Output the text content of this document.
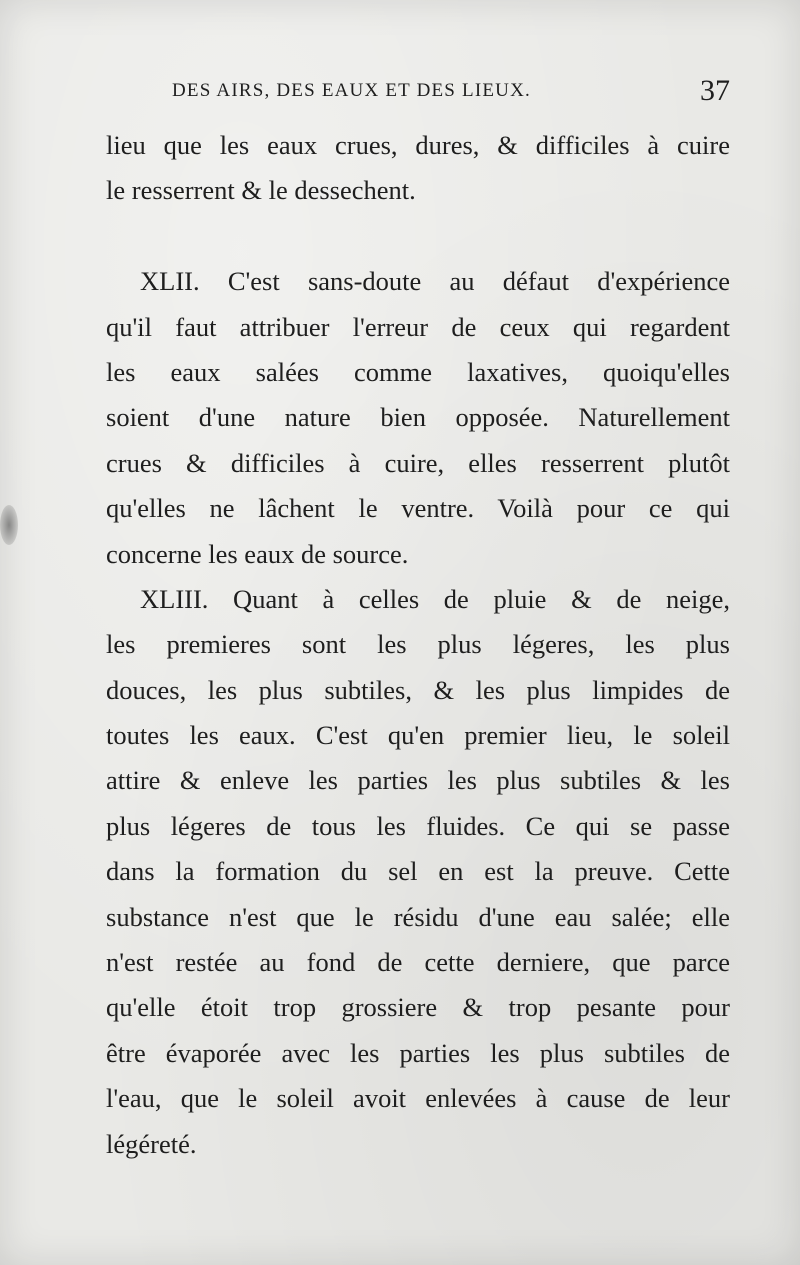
DES AIRS, DES EAUX ET DES LIEUX.	37
lieu que les eaux crues, dures, & difficiles à cuire
le resserrent & le dessechent.
XLII. C'est sans-doute au défaut d'expérience
qu'il faut attribuer l'erreur de ceux qui regardent
les eaux salées comme laxatives, quoiqu'elles
soient d'une nature bien opposée. Naturellement
crues & difficiles à cuire, elles resserrent plutôt
qu'elles ne lâchent le ventre. Voilà pour ce qui
concerne les eaux de source.
XLIII. Quant à celles de pluie & de neige,
les premieres sont les plus légeres, les plus
douces, les plus subtiles, & les plus limpides de
toutes les eaux. C'est qu'en premier lieu, le soleil
attire & enleve les parties les plus subtiles & les
plus légeres de tous les fluides. Ce qui se passe
dans la formation du sel en est la preuve. Cette
substance n'est que le résidu d'une eau salée; elle
n'est restée au fond de cette derniere, que parce
qu'elle étoit trop grossiere & trop pesante pour
être évaporée avec les parties les plus subtiles de
l'eau, que le soleil avoit enlevées à cause de leur
légéreté.
